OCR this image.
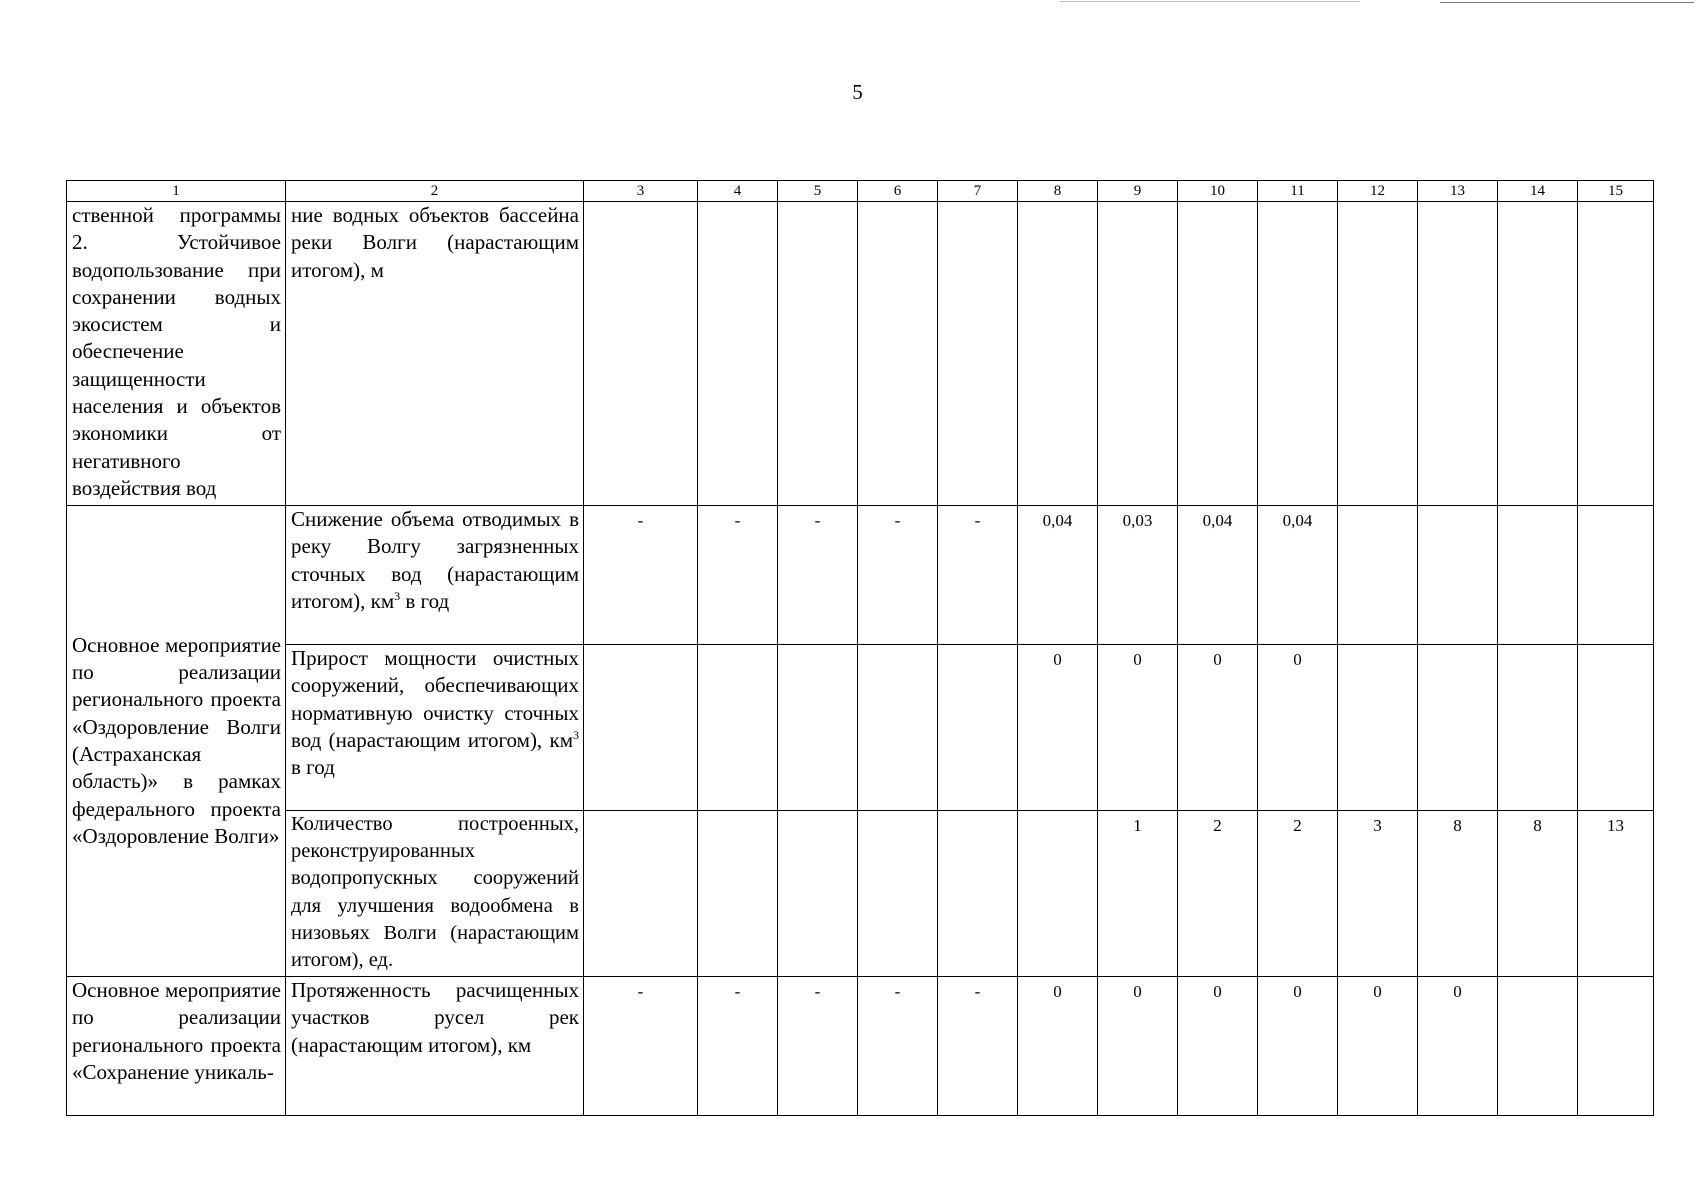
5
1	2	3	4	5	6	7	8	9	10	11	12	13	14	15
ственной программы 2. Устойчивое водопользование при сохранении водных экосистем и обеспечение защищенности населения и объектов экономики от негативного воздействия вод	ние водных объектов бассейна реки Волги (нарастающим итогом), м													
Основное мероприятие по реализации регионального проекта «Оздоровление Волги (Астраханская область)» в рамках федерального проекта «Оздоровление Волги»	Снижение объема отводимых в реку Волгу загрязненных сточных вод (нарастающим итогом), $км^3$ в год	-	-	-	-	-	0,04	0,03	0,04	0,04				
	Прирост мощности очистных сооружений, обеспечивающих нормативную очистку сточных вод (нарастающим итогом), $км^3$ в год						0	0	0	0				
	Количество построенных, реконструированных водопропускных сооружений для улучшения водообмена в низовьях Волги (нарастающим итогом), ед.							1	2	2	3	8	8	13
Основное мероприятие по реализации регионального проекта «Сохранение уникаль-	Протяженность расчищенных участков русел рек (нарастающим итогом), км	-	-	-	-	-	0	0	0	0	0	0		
